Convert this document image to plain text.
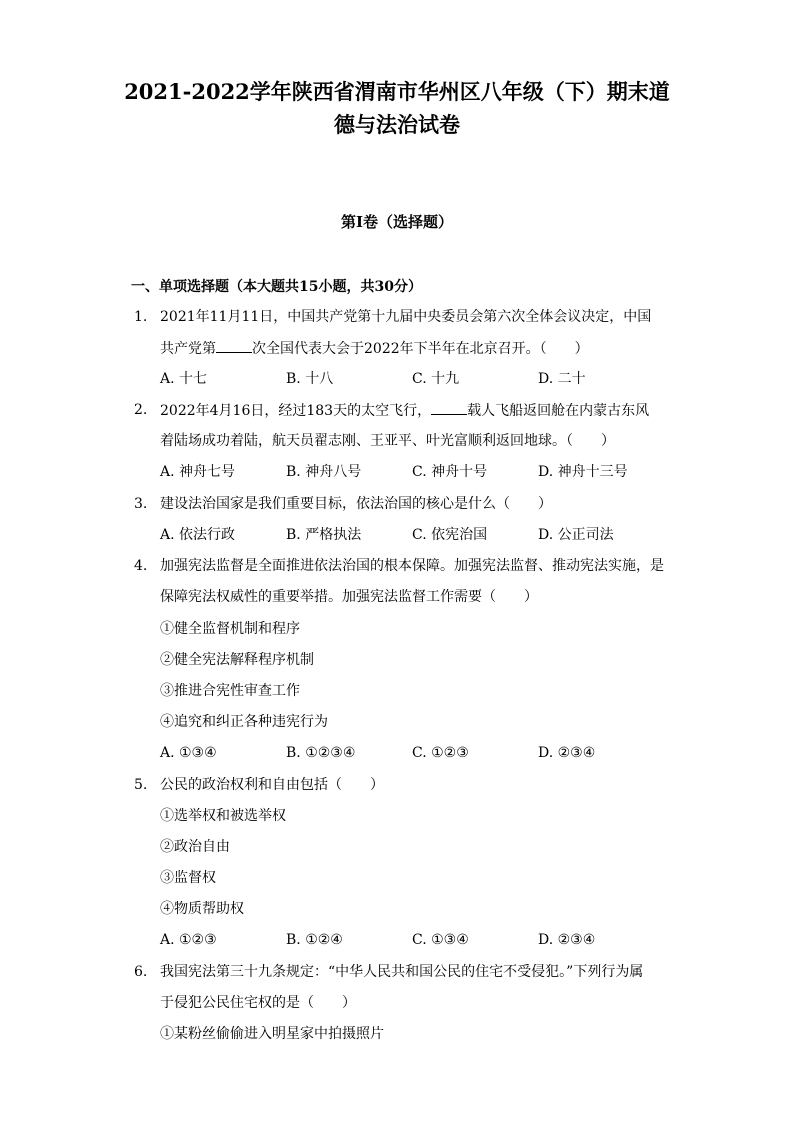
2021-2022学年陕西省渭南市华州区八年级（下）期末道
德与法治试卷
第I卷（选择题）
一、单项选择题（本大题共15小题，共30分）
1. 2021年11月11日，中国共产党第十九届中央委员会第六次全体会议决定，中国
共产党第	次全国代表大会于2022年下半年在北京召开。（　　）
A. 十七	B. 十八	C. 十九	D. 二十
2. 2022年4月16日，经过183天的太空飞行，	载人飞船返回舱在内蒙古东风
着陆场成功着陆，航天员翟志刚、王亚平、叶光富顺利返回地球。（　　）
A. 神舟七号	B. 神舟八号	C. 神舟十号	D. 神舟十三号
3. 建设法治国家是我们重要目标，依法治国的核心是什么（　　）
A. 依法行政	B. 严格执法	C. 依宪治国	D. 公正司法
4. 加强宪法监督是全面推进依法治国的根本保障。加强宪法监督、推动宪法实施，是
保障宪法权威性的重要举措。加强宪法监督工作需要（　　）
①健全监督机制和程序
②健全宪法解释程序机制
③推进合宪性审查工作
④追究和纠正各种违宪行为
A. ①③④	B. ①②③④	C. ①②③	D. ②③④
5. 公民的政治权利和自由包括（　　）
①选举权和被选举权
②政治自由
③监督权
④物质帮助权
A. ①②③	B. ①②④	C. ①③④	D. ②③④
6. 我国宪法第三十九条规定：“中华人民共和国公民的住宅不受侵犯。”下列行为属
于侵犯公民住宅权的是（　　）
①某粉丝偷偷进入明星家中拍摄照片
